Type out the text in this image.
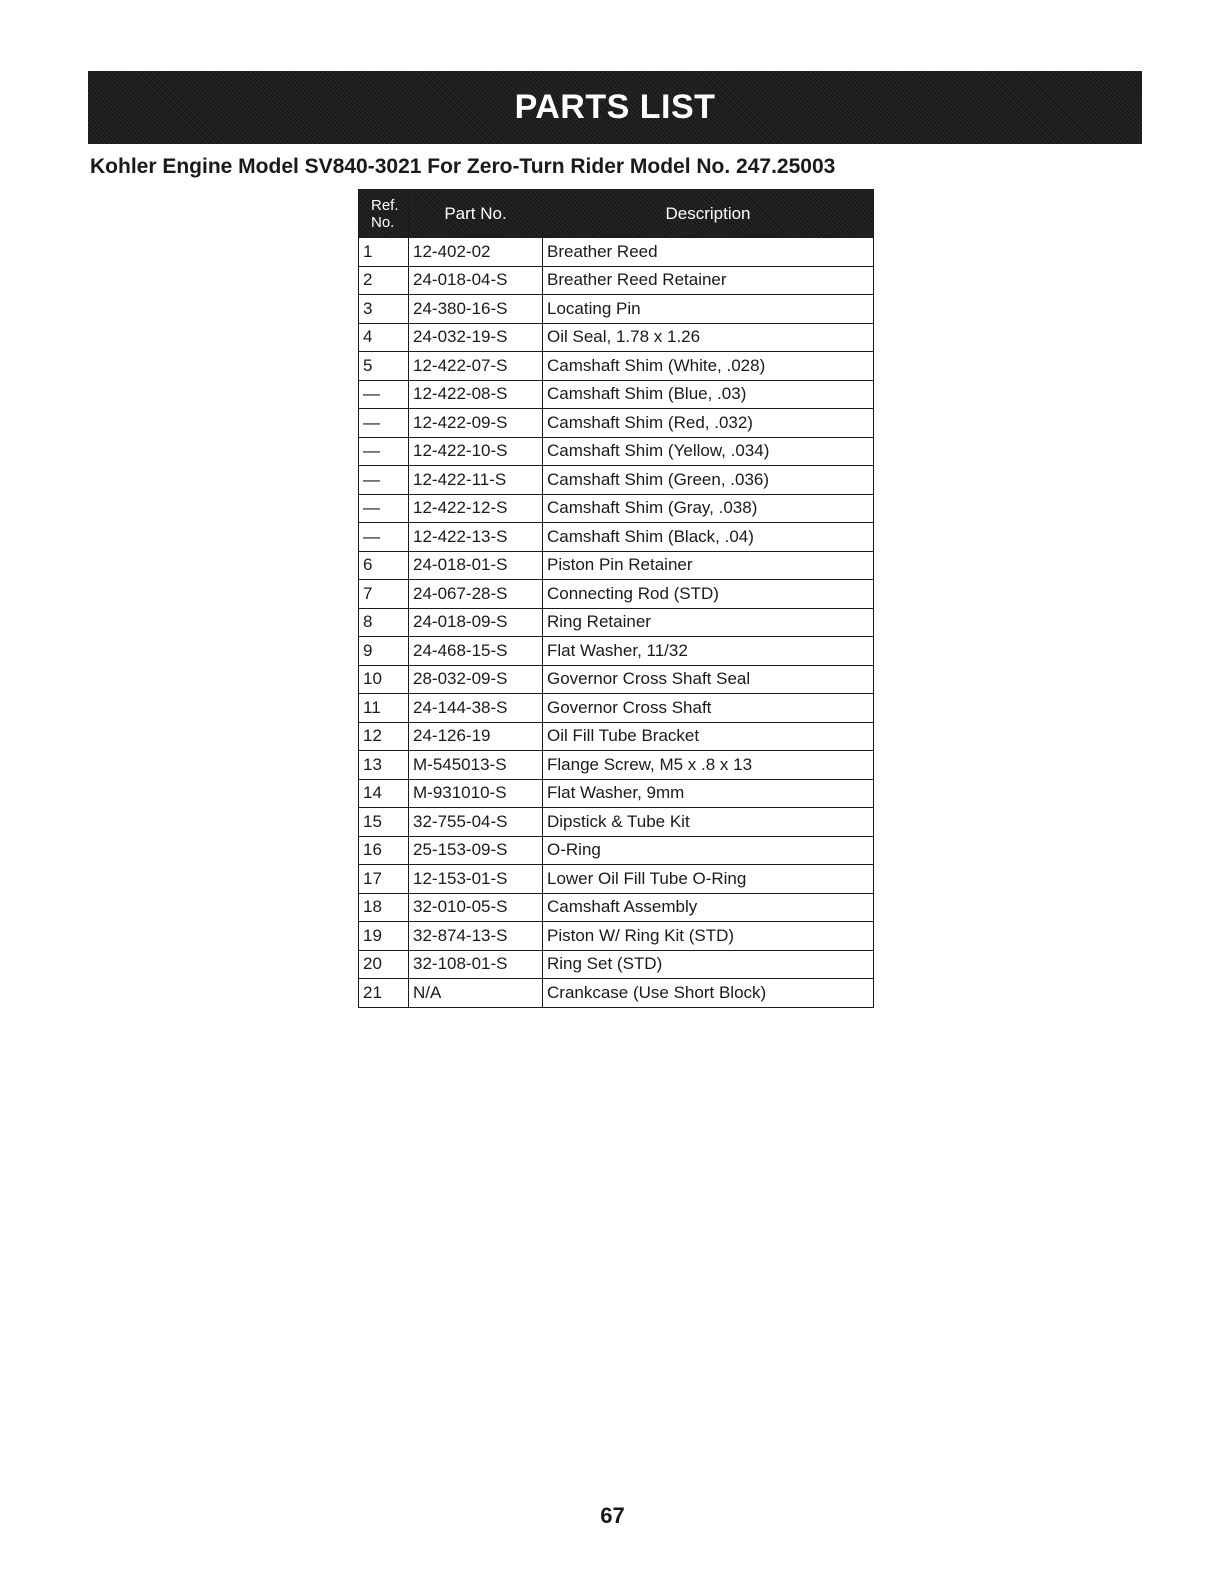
PARTS LIST
Kohler Engine Model SV840-3021 For Zero-Turn Rider Model No. 247.25003
Ref.
No.	Part No.	Description
1	12-402-02	Breather Reed
2	24-018-04-S	Breather Reed Retainer
3	24-380-16-S	Locating Pin
4	24-032-19-S	Oil Seal, 1.78 x 1.26
5	12-422-07-S	Camshaft Shim (White, .028)
—	12-422-08-S	Camshaft Shim (Blue, .03)
—	12-422-09-S	Camshaft Shim (Red, .032)
—	12-422-10-S	Camshaft Shim (Yellow, .034)
—	12-422-11-S	Camshaft Shim (Green, .036)
—	12-422-12-S	Camshaft Shim (Gray, .038)
—	12-422-13-S	Camshaft Shim (Black, .04)
6	24-018-01-S	Piston Pin Retainer
7	24-067-28-S	Connecting Rod (STD)
8	24-018-09-S	Ring Retainer
9	24-468-15-S	Flat Washer, 11/32
10	28-032-09-S	Governor Cross Shaft Seal
11	24-144-38-S	Governor Cross Shaft
12	24-126-19	Oil Fill Tube Bracket
13	M-545013-S	Flange Screw, M5 x .8 x 13
14	M-931010-S	Flat Washer, 9mm
15	32-755-04-S	Dipstick & Tube Kit
16	25-153-09-S	O-Ring
17	12-153-01-S	Lower Oil Fill Tube O-Ring
18	32-010-05-S	Camshaft Assembly
19	32-874-13-S	Piston W/ Ring Kit (STD)
20	32-108-01-S	Ring Set (STD)
21	N/A	Crankcase (Use Short Block)
67
